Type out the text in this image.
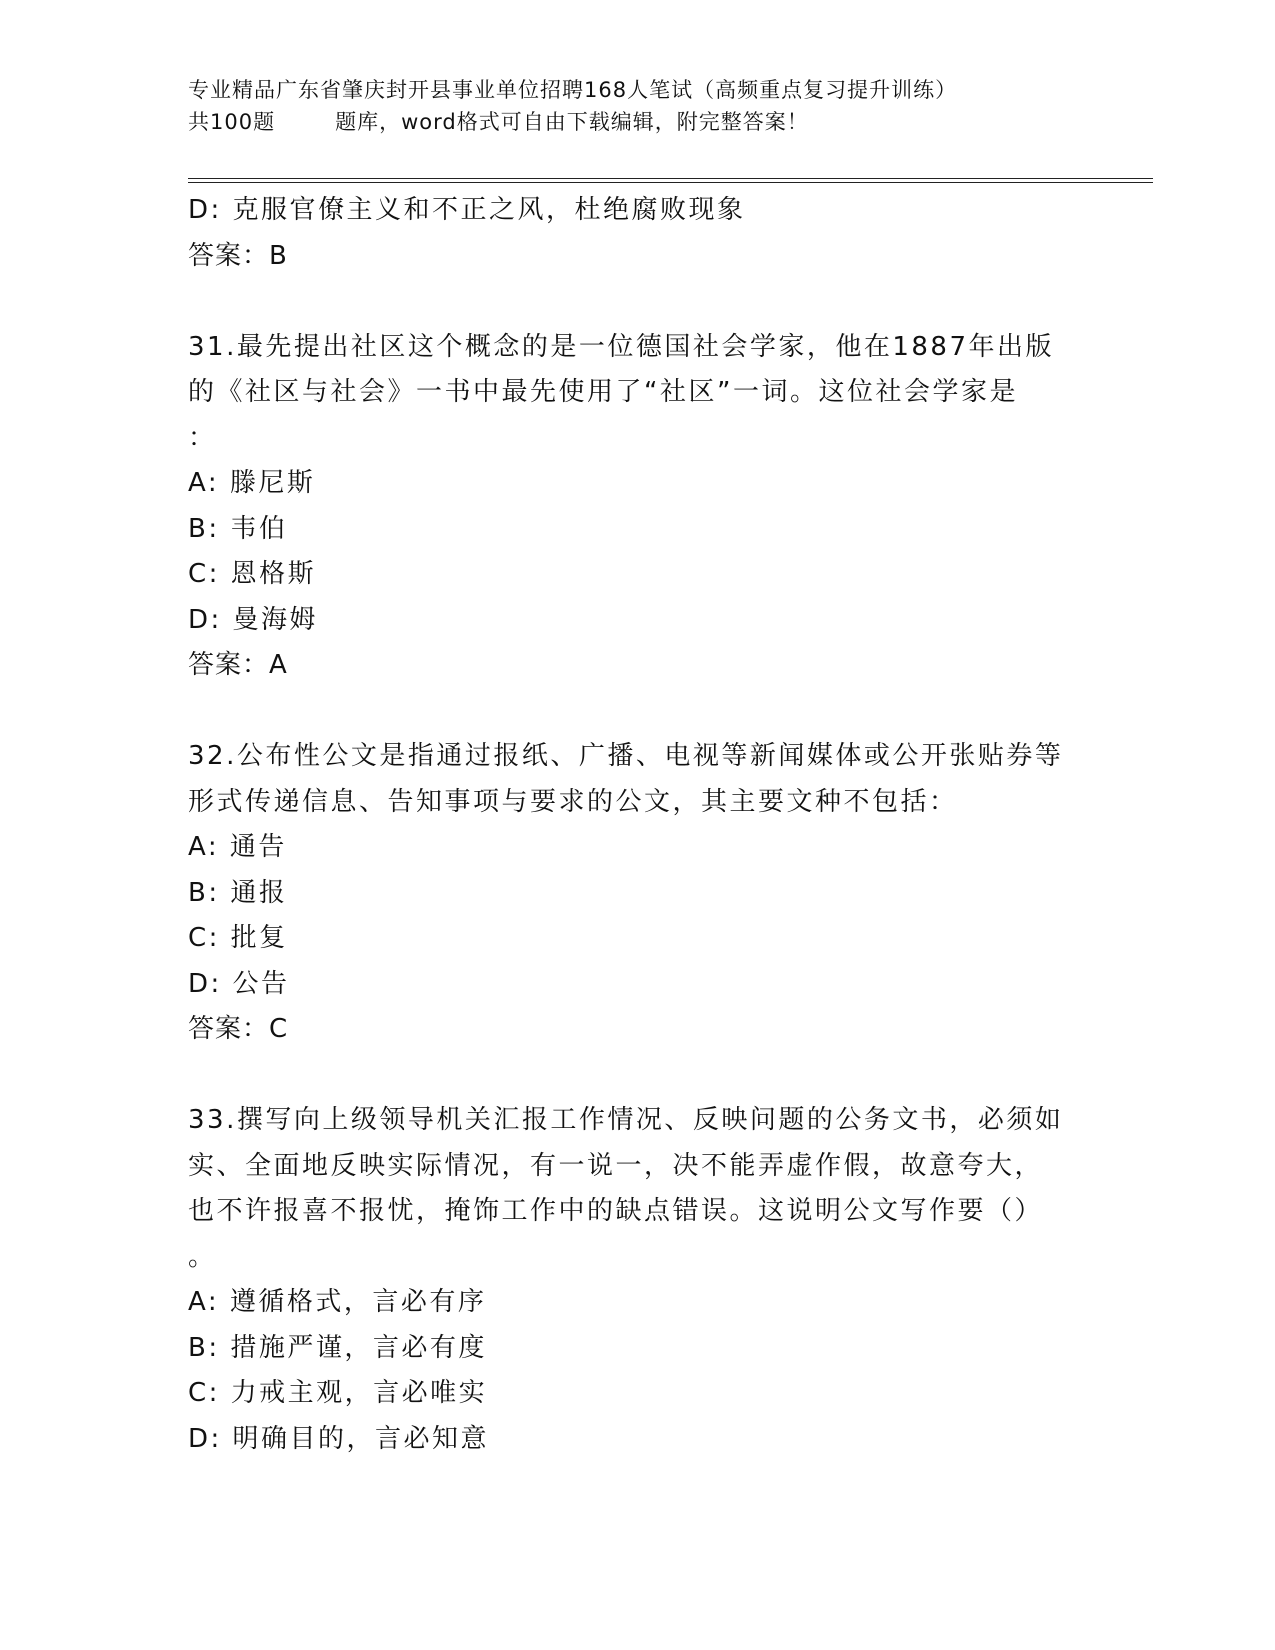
专业精品广东省肇庆封开县事业单位招聘168人笔试（高频重点复习提升训练）
共100题	题库，word格式可自由下载编辑，附完整答案！
D: 克服官僚主义和不正之风，杜绝腐败现象
答案：B
31.最先提出社区这个概念的是一位德国社会学家，他在1887年出版
的《社区与社会》一书中最先使用了“社区”一词。这位社会学家是
：
A: 滕尼斯
B: 韦伯
C: 恩格斯
D: 曼海姆
答案：A
32.公布性公文是指通过报纸、广播、电视等新闻媒体或公开张贴券等
形式传递信息、告知事项与要求的公文，其主要文种不包括：
A: 通告
B: 通报
C: 批复
D: 公告
答案：C
33.撰写向上级领导机关汇报工作情况、反映问题的公务文书，必须如
实、全面地反映实际情况，有一说一，决不能弄虚作假，故意夸大，
也不许报喜不报忧，掩饰工作中的缺点错误。这说明公文写作要（）
。
A: 遵循格式，言必有序
B: 措施严谨，言必有度
C: 力戒主观，言必唯实
D: 明确目的，言必知意
